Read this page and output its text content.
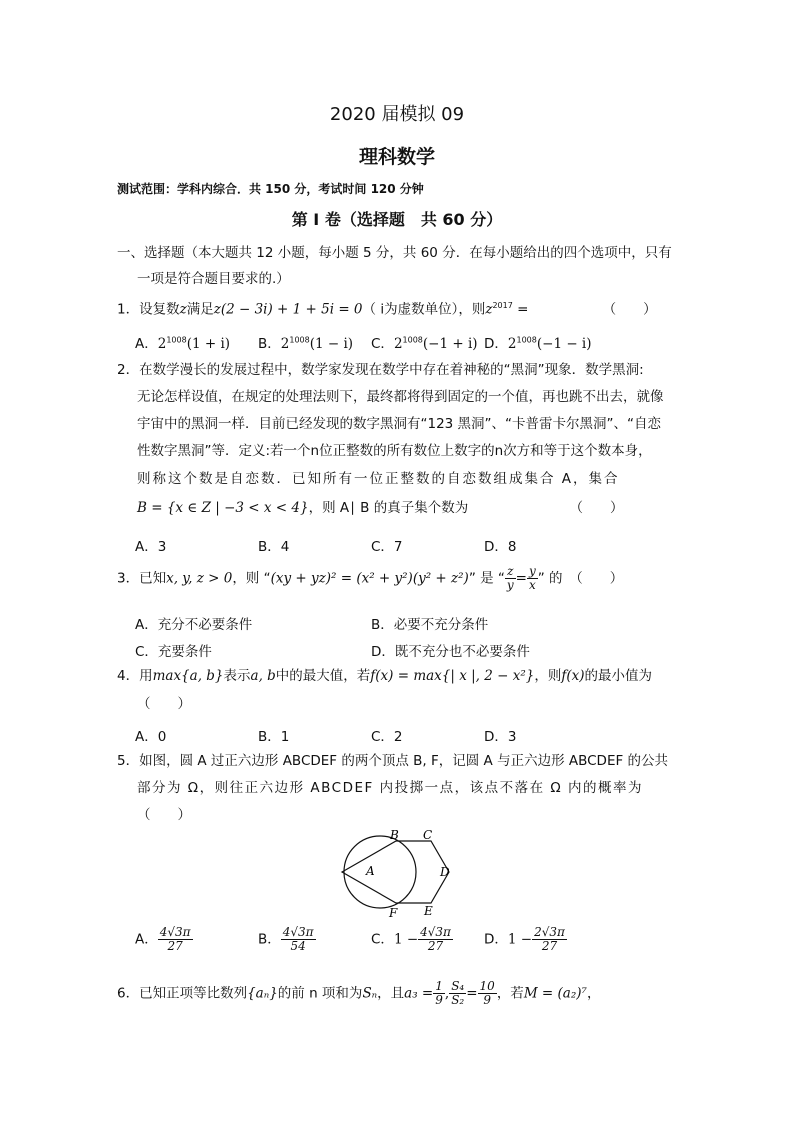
2020 届模拟 09
理科数学
测试范围：学科内综合．共 150 分，考试时间 120 分钟
第 I 卷（选择题　共 60 分）
一、选择题（本大题共 12 小题，每小题 5 分，共 60 分．在每小题给出的四个选项中，只有
一项是符合题目要求的.）
1．设复数z满足z(2 − 3i) + 1 + 5i = 0（ i为虚数单位），则$z^{2017}$ =　　　　　　（　　）
A．$2^{1008}(1 + i)$ B．$2^{1008}(1 - i)$ C．$2^{1008}(-1 + i)$ D．$2^{1008}(-1 - i)$
2．在数学漫长的发展过程中，数学家发现在数学中存在着神秘的“黑洞”现象．数学黑洞:
无论怎样设值，在规定的处理法则下，最终都将得到固定的一个值，再也跳不出去，就像
宇宙中的黑洞一样．目前已经发现的数字黑洞有“123 黑洞”、“卡普雷卡尔黑洞”、“自恋
性数字黑洞”等．定义:若一个n位正整数的所有数位上数字的n次方和等于这个数本身，
则称这个数是自恋数．已知所有一位正整数的自恋数组成集合 A，集合
B = {x ∈ Z | −3 < x < 4}，则 A∣ B 的真子集个数为　　　　　　　　（　　）
A．3	B．4	C．7	D．8
3．已知x, y, z > 0，则 “(xy + yz)² = (x² + y²)(y² + z²)” 是 “ $\frac{z}{y} = \frac{y}{x}$ ” 的　（　　）
A．充分不必要条件	B．必要不充分条件
C．充要条件	D．既不充分也不必要条件
4．用max{a, b}表示a, b中的最大值，若f(x) = max{| x |, 2 − x²}，则f(x)的最小值为
（　　）
A．0	B．1	C．2	D．3
5．如图，圆 A 过正六边形 ABCDEF 的两个顶点 B, F，记圆 A 与正六边形 ABCDEF 的公共
部分为 Ω，则往正六边形 ABCDEF 内投掷一点，该点不落在 Ω 内的概率为
（　　）
A
B C
D
E
F
A． $\frac{4√3\pi}{27}$	B． $\frac{4√3\pi}{54}$	C．$1 - \frac{4√3\pi}{27}$ D．$1 - \frac{2√3\pi}{27}$
6．已知正项等比数列{aₙ}的前 n 项和为Sₙ，且$a_3 = \frac{1}{9}$ , $\frac{\text{S₄}}{\text{S₂}} = \frac{10}{9}$ ，若M = (a₂)⁷，
